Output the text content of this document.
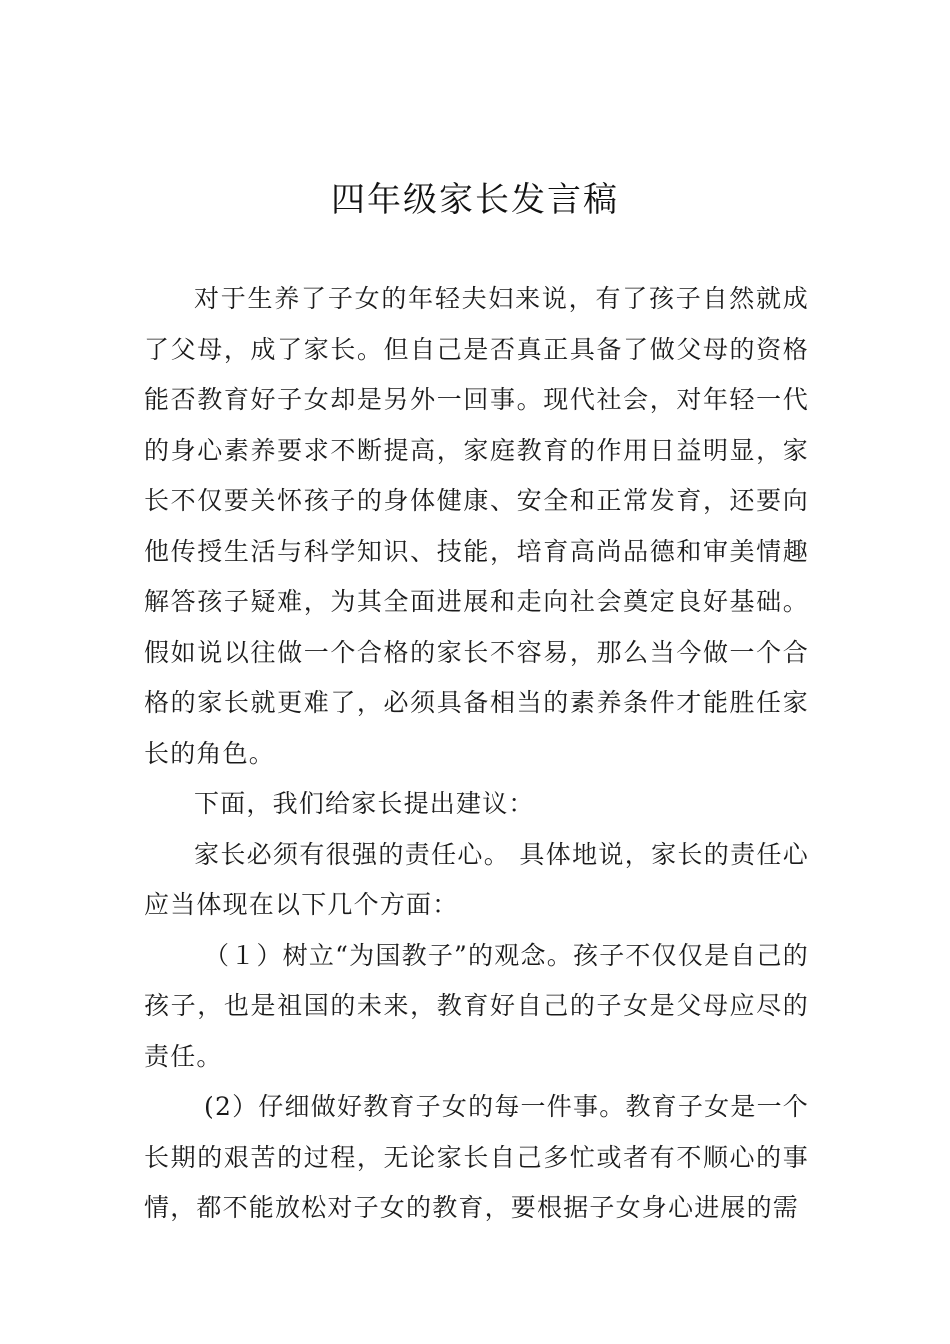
四年级家长发言稿

对于生养了子女的年轻夫妇来说，有了孩子自然就成了父母，成了家长。但自己是否真正具备了做父母的资格能否教育好子女却是另外一回事。现代社会，对年轻一代的身心素养要求不断提高，家庭教育的作用日益明显，家长不仅要关怀孩子的身体健康、安全和正常发育，还要向他传授生活与科学知识、技能，培育高尚品德和审美情趣解答孩子疑难，为其全面进展和走向社会奠定良好基础。假如说以往做一个合格的家长不容易，那么当今做一个合格的家长就更难了，必须具备相当的素养条件才能胜任家长的角色。

下面，我们给家长提出建议：

家长必须有很强的责任心。 具体地说，家长的责任心应当体现在以下几个方面：

（１）树立“为国教子”的观念。孩子不仅仅是自己的孩子，也是祖国的未来，教育好自己的子女是父母应尽的责任。

(2）仔细做好教育子女的每一件事。教育子女是一个长期的艰苦的过程，无论家长自己多忙或者有不顺心的事情，都不能放松对子女的教育，要根据子女身心进展的需
